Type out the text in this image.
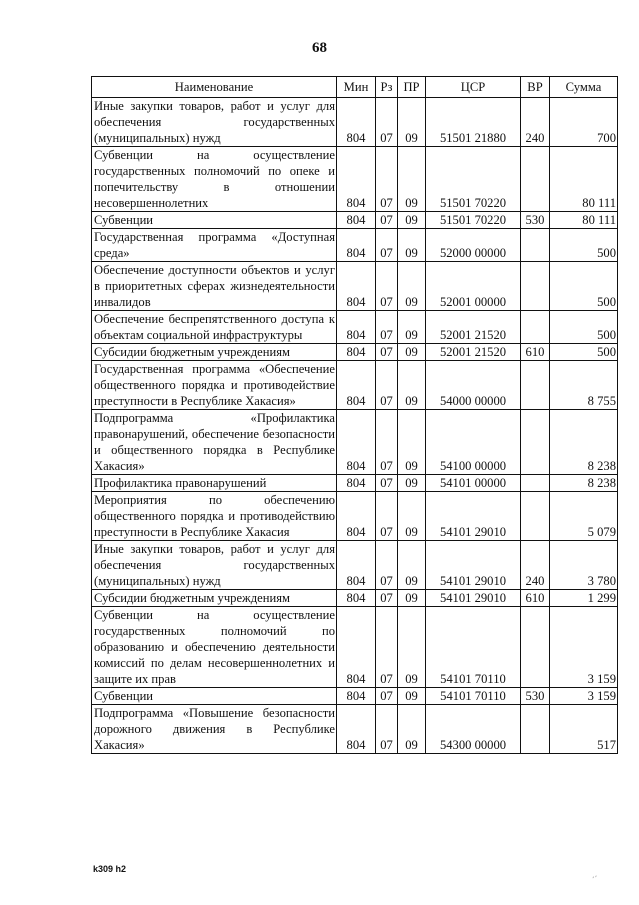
68
Наименование	Мин	Рз	ПР	ЦСР	ВР	Сумма
Иные закупки товаров, работ и услуг для обеспечения государственных (муниципальных) нужд	804	07	09	51501 21880	240	700
Субвенции на осуществление государственных полномочий по опеке и попечительству в отношении несовершеннолетних	804	07	09	51501 70220		80 111
Субвенции	804	07	09	51501 70220	530	80 111
Государственная программа «Доступная среда»	804	07	09	52000 00000		500
Обеспечение доступности объектов и услуг в приоритетных сферах жизнедеятельности инвалидов	804	07	09	52001 00000		500
Обеспечение беспрепятственного доступа к объектам социальной инфраструктуры	804	07	09	52001 21520		500
Субсидии бюджетным учреждениям	804	07	09	52001 21520	610	500
Государственная программа «Обеспечение общественного порядка и противодействие преступности в Республике Хакасия»	804	07	09	54000 00000		8 755
Подпрограмма «Профилактика правонарушений, обеспечение безопасности и общественного порядка в Республике Хакасия»	804	07	09	54100 00000		8 238
Профилактика правонарушений	804	07	09	54101 00000		8 238
Мероприятия по обеспечению общественного порядка и противодействию преступности в Республике Хакасия	804	07	09	54101 29010		5 079
Иные закупки товаров, работ и услуг для обеспечения государственных (муниципальных) нужд	804	07	09	54101 29010	240	3 780
Субсидии бюджетным учреждениям	804	07	09	54101 29010	610	1 299
Субвенции на осуществление государственных полномочий по образованию и обеспечению деятельности комиссий по делам несовершеннолетних и защите их прав	804	07	09	54101 70110		3 159
Субвенции	804	07	09	54101 70110	530	3 159
Подпрограмма «Повышение безопасности дорожного движения в Республике Хакасия»	804	07	09	54300 00000		517
k309 h2	ˏˏ
